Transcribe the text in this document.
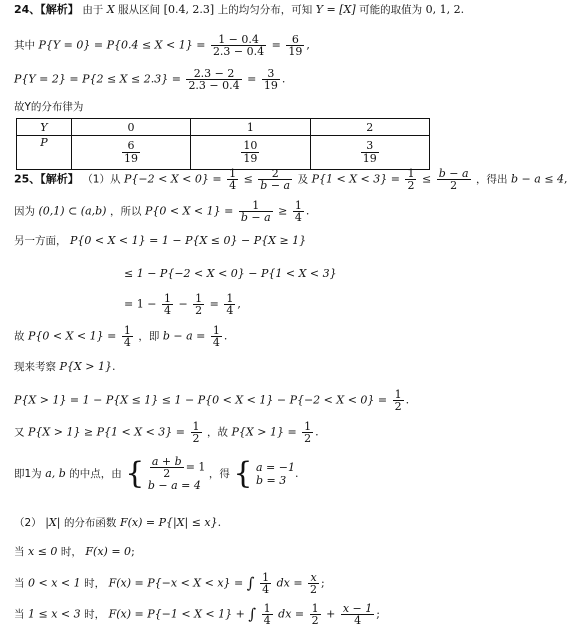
24、【解析】 由于 X 服从区间 [0.4, 2.3] 上的均匀分布，可知 Y = [X] 可能的取值为 0, 1, 2.
其中 $P\{Y = 0\} = P\{0.4 \le X < 1\} = \frac{1 - 0.4}{2.3 - 0.4} = \frac{6}{19}$ ,
$P\{Y = 2\} = P\{2 \le X \le 2.3\} = \frac{2.3 - 2}{2.3 - 0.4} = \frac{3}{19}$ .
故Y的分布律为
Y	0	1	2
P	$\frac{6}{19}$	$\frac{10}{19}$	$\frac{3}{19}$
25、【解析】 （1）从 $P\{-2 < X < 0\} = \frac{1}{4} \le \frac{2}{b - a}$ 及 $P\{1 < X < 3\} = \frac{1}{2} \le \frac{b - a}{2}$ ，得出 b − a ≤ 4,
因为 (0,1) ⊂ (a,b) ，所以 $P\{0 < X < 1\} = \frac{1}{b - a} \ge \frac{1}{4}$ .
另一方面， P{0 < X < 1} = 1 − P{X ≤ 0} − P{X ≥ 1}
≤ 1 − P{−2 < X < 0} − P{1 < X < 3}
= $1 - \frac{1}{4} - \frac{1}{2} = \frac{1}{4}$ ,
故 $P\{0 < X < 1\} = \frac{1}{4}$ ，即 $b - a = \frac{1}{4}$ .
现来考察 P{X > 1}.
$P\{X > 1\} = 1 - P\{X \le 1\} \le 1 - P\{0 < X < 1\} - P\{-2 < X < 0\} = \frac{1}{2}$ .
又 $P\{X > 1\} \ge P\{1 < X < 3\} = \frac{1}{2}$ ，故 $P\{X > 1\} = \frac{1}{2}$ .
即1为 a, b 的中点，由 { $\frac{a + b}{2} = 1$
b − a = 4
，得 { a = −1
b = 3
.
（2） |X| 的分布函数 F(x) = P{|X| ≤ x}.
当 x ≤ 0 时， F(x) = 0;
当 0 < x < 1 时， F(x) = P{−x < X < x} = ∫ $\frac{1}{4}$ dx = $\frac{x}{2}$ ;
当 1 ≤ x < 3 时， F(x) = P{−1 < X < 1} + ∫ $\frac{1}{4}$ dx = $\frac{1}{2} + \frac{x - 1}{4}$ ;
